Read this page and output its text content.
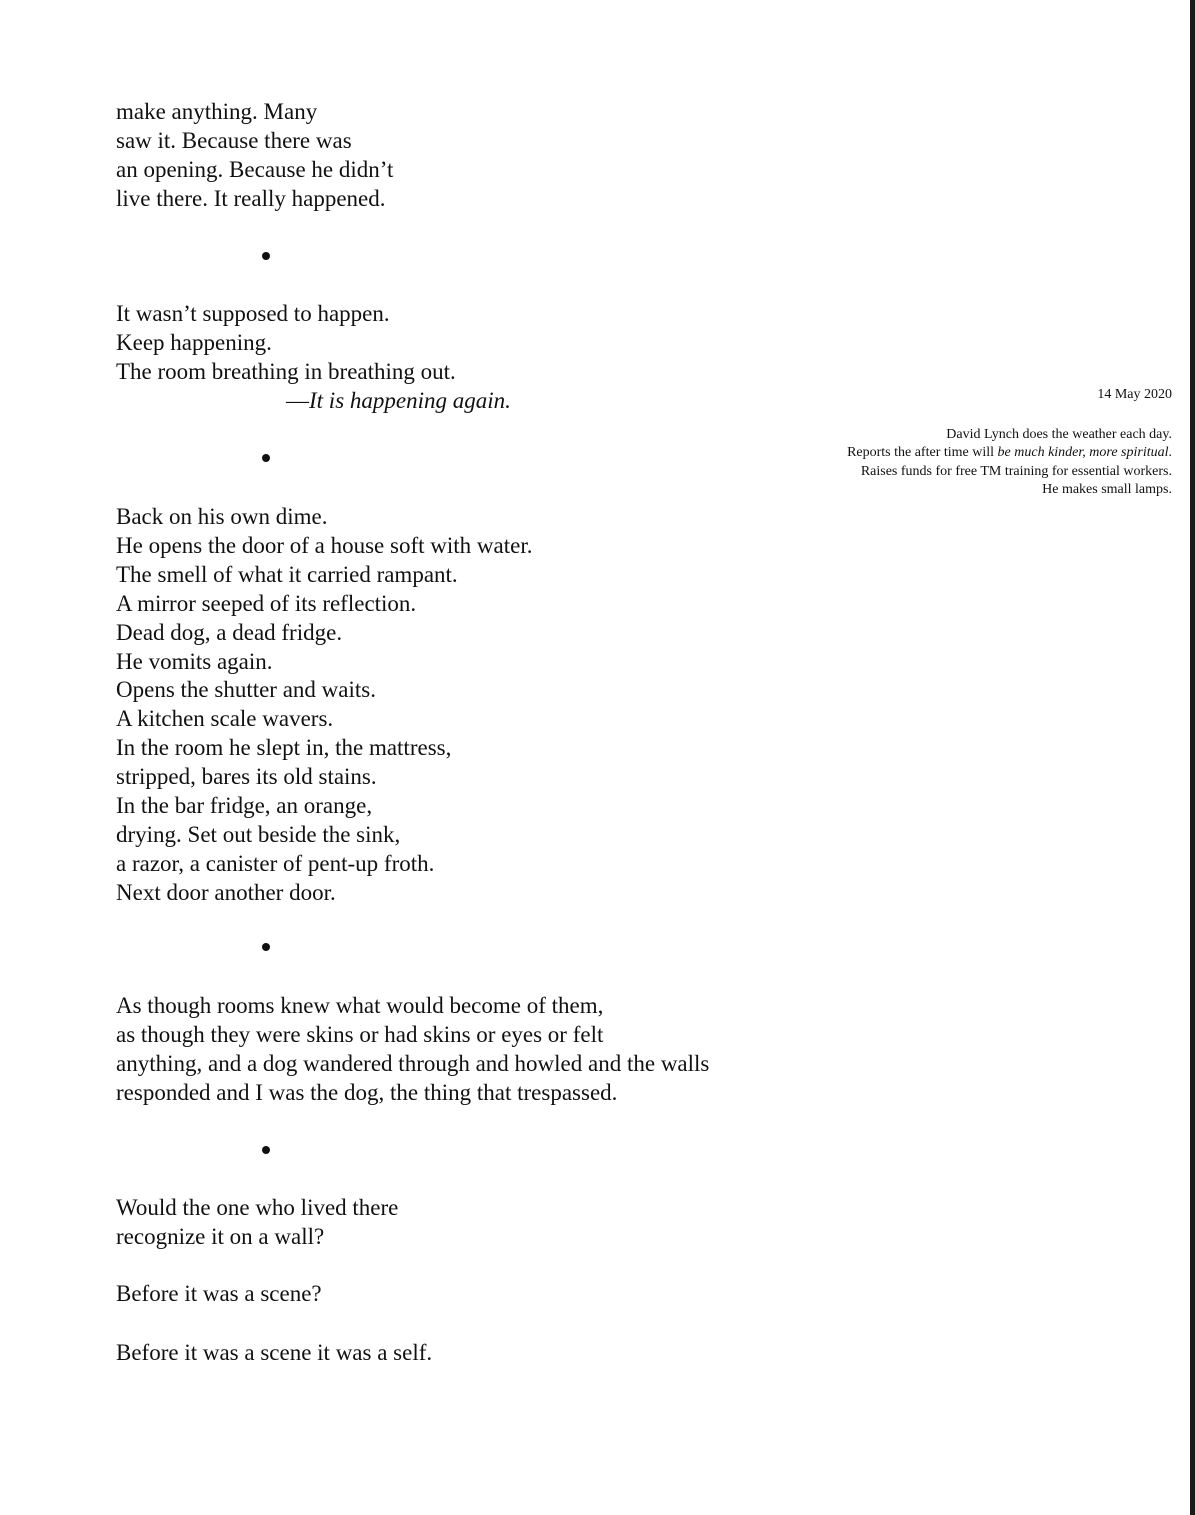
make anything. Many
saw it. Because there was
an opening. Because he didn’t
live there. It really happened.

It wasn’t supposed to happen.
Keep happening.
The room breathing in breathing out.
—It is happening again.

Back on his own dime.
He opens the door of a house soft with water.
The smell of what it carried rampant.
A mirror seeped of its reflection.
Dead dog, a dead fridge.
He vomits again.
Opens the shutter and waits.
A kitchen scale wavers.
In the room he slept in, the mattress,
stripped, bares its old stains.
In the bar fridge, an orange,
drying. Set out beside the sink,
a razor, a canister of pent-up froth.
Next door another door.

As though rooms knew what would become of them,
as though they were skins or had skins or eyes or felt
anything, and a dog wandered through and howled and the walls
responded and I was the dog, the thing that trespassed.

Would the one who lived there
recognize it on a wall?

Before it was a scene?

Before it was a scene it was a self.

14 May 2020
David Lynch does the weather each day.
Reports the after time will be much kinder, more spiritual.
Raises funds for free TM training for essential workers.
He makes small lamps.
